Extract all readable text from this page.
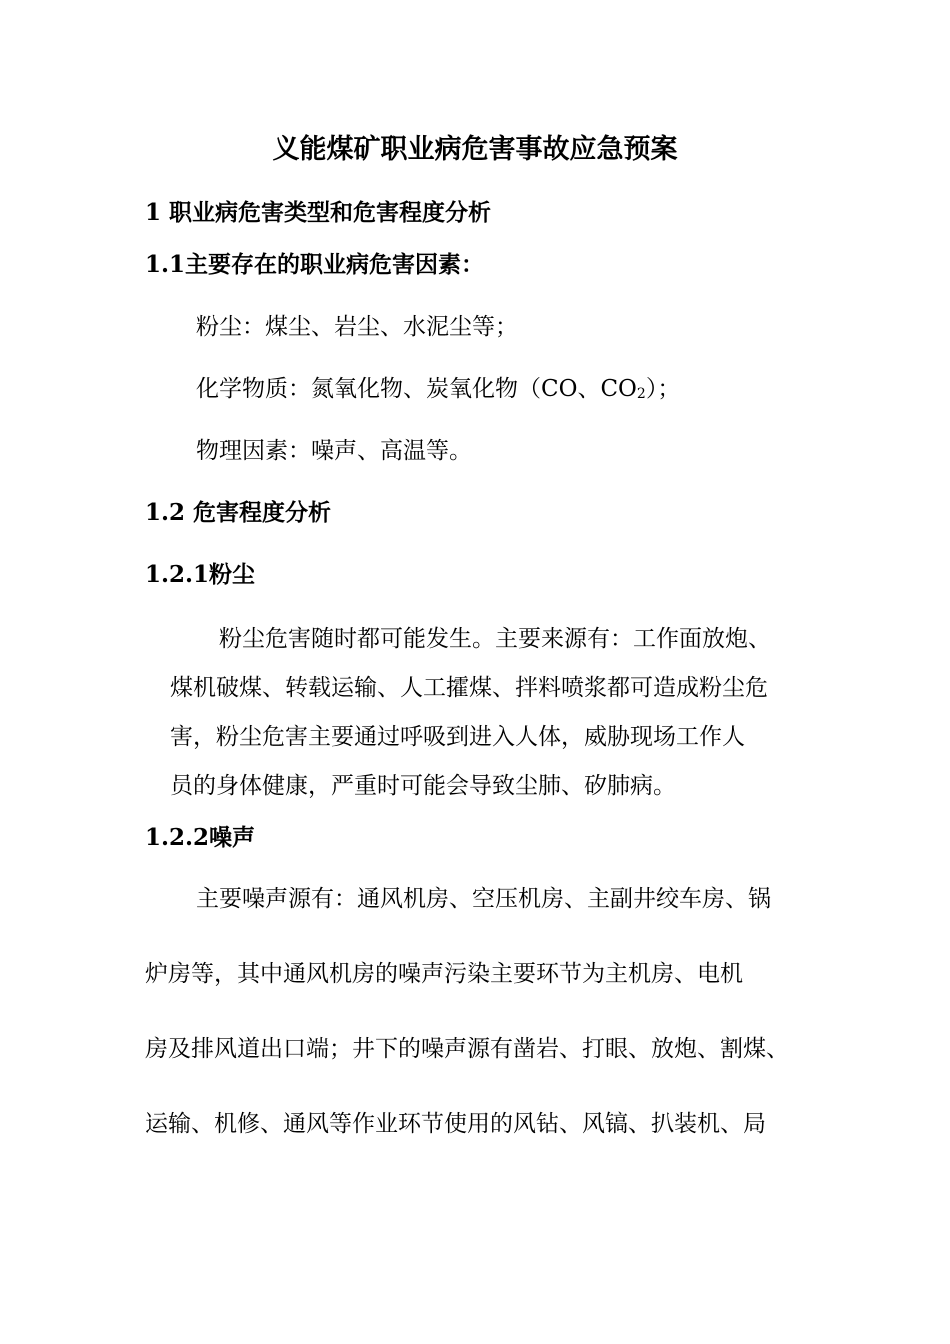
义能煤矿职业病危害事故应急预案
1 职业病危害类型和危害程度分析
1.1主要存在的职业病危害因素：
粉尘：煤尘、岩尘、水泥尘等；
化学物质：氮氧化物、炭氧化物（CO、$CO_2$）；
物理因素：噪声、高温等。
1.2 危害程度分析
1.2.1粉尘
粉尘危害随时都可能发生。主要来源有：工作面放炮、
煤机破煤、转载运输、人工攉煤、拌料喷浆都可造成粉尘危
害，粉尘危害主要通过呼吸到进入人体，威胁现场工作人
员的身体健康，严重时可能会导致尘肺、矽肺病。
1.2.2噪声
主要噪声源有：通风机房、空压机房、主副井绞车房、锅
炉房等，其中通风机房的噪声污染主要环节为主机房、电机
房及排风道出口端；井下的噪声源有凿岩、打眼、放炮、割煤、
运输、机修、通风等作业环节使用的风钻、风镐、扒装机、局
